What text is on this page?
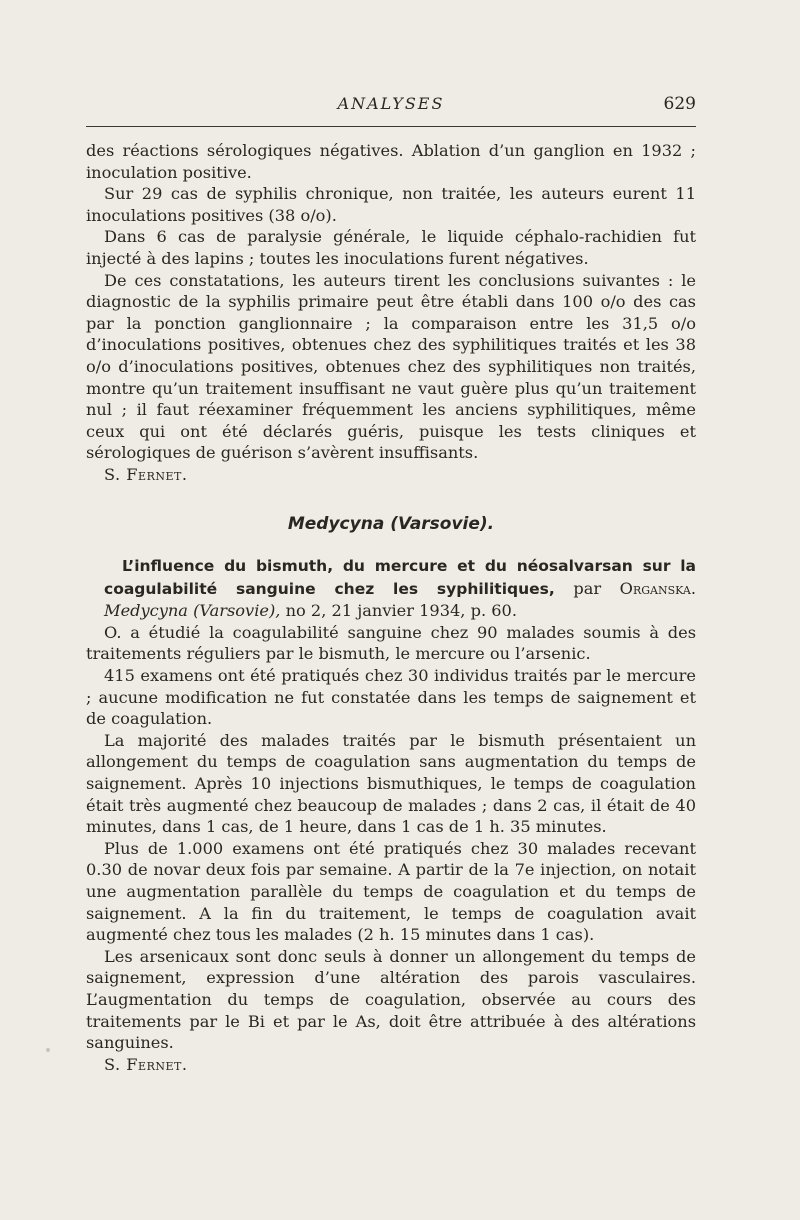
ANALYSES	629

des réactions sérologiques négatives. Ablation d’un ganglion en 1932 ; inoculation positive.

Sur 29 cas de syphilis chronique, non traitée, les auteurs eurent 11 inoculations positives (38 o/o).

Dans 6 cas de paralysie générale, le liquide céphalo-rachidien fut injecté à des lapins ; toutes les inoculations furent négatives.

De ces constatations, les auteurs tirent les conclusions suivantes : le diagnostic de la syphilis primaire peut être établi dans 100 o/o des cas par la ponction ganglionnaire ; la comparaison entre les 31,5 o/o d’inoculations positives, obtenues chez des syphilitiques traités et les 38 o/o d’inoculations positives, obtenues chez des syphilitiques non traités, montre qu’un traitement insuffisant ne vaut guère plus qu’un traitement nul ; il faut réexaminer fréquemment les anciens syphilitiques, même ceux qui ont été déclarés guéris, puisque les tests cliniques et sérologiques de guérison s’avèrent insuffisants.

S. Fernet.

Medycyna (Varsovie).

L’influence du bismuth, du mercure et du néosalvarsan sur la coagulabilité sanguine chez les syphilitiques, par Organska. Medycyna (Varsovie), no 2, 21 janvier 1934, p. 60.

O. a étudié la coagulabilité sanguine chez 90 malades soumis à des traitements réguliers par le bismuth, le mercure ou l’arsenic.

415 examens ont été pratiqués chez 30 individus traités par le mercure ; aucune modification ne fut constatée dans les temps de saignement et de coagulation.

La majorité des malades traités par le bismuth présentaient un allongement du temps de coagulation sans augmentation du temps de saignement. Après 10 injections bismuthiques, le temps de coagulation était très augmenté chez beaucoup de malades ; dans 2 cas, il était de 40 minutes, dans 1 cas, de 1 heure, dans 1 cas de 1 h. 35 minutes.

Plus de 1.000 examens ont été pratiqués chez 30 malades recevant 0.30 de novar deux fois par semaine. A partir de la 7e injection, on notait une augmentation parallèle du temps de coagulation et du temps de saignement. A la fin du traitement, le temps de coagulation avait augmenté chez tous les malades (2 h. 15 minutes dans 1 cas).

Les arsenicaux sont donc seuls à donner un allongement du temps de saignement, expression d’une altération des parois vasculaires. L’augmentation du temps de coagulation, observée au cours des traitements par le Bi et par le As, doit être attribuée à des altérations sanguines.

S. Fernet.
